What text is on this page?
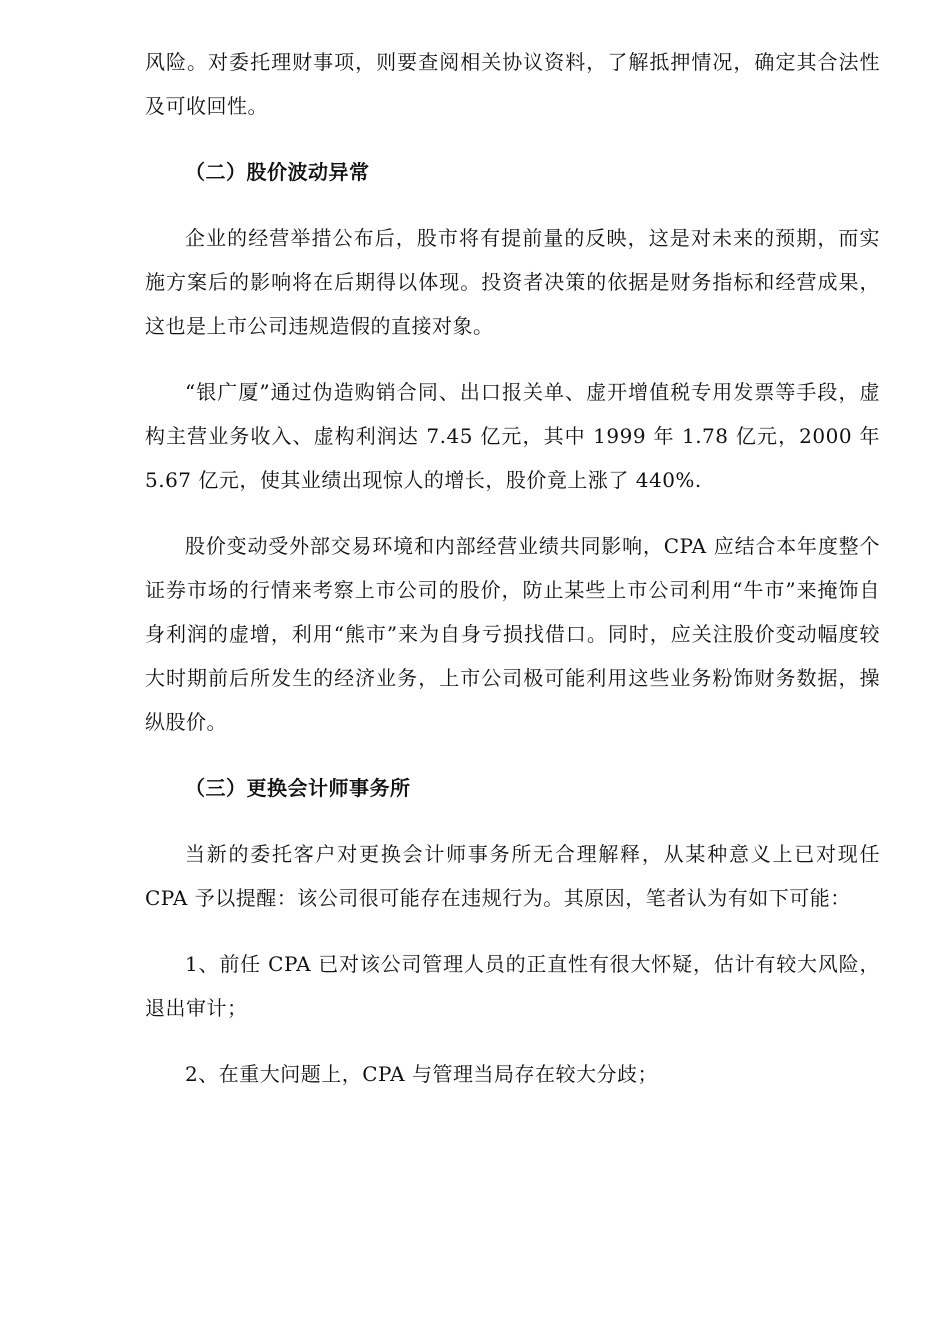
风险。对委托理财事项，则要查阅相关协议资料，了解抵押情况，确定其合法性及可收回性。

（二）股价波动异常

企业的经营举措公布后，股市将有提前量的反映，这是对未来的预期，而实施方案后的影响将在后期得以体现。投资者决策的依据是财务指标和经营成果，这也是上市公司违规造假的直接对象。

“银广厦”通过伪造购销合同、出口报关单、虚开增值税专用发票等手段，虚构主营业务收入、虚构利润达 7.45 亿元，其中 1999 年 1.78 亿元，2000 年 5.67 亿元，使其业绩出现惊人的增长，股价竟上涨了 440%.

股价变动受外部交易环境和内部经营业绩共同影响，CPA 应结合本年度整个证券市场的行情来考察上市公司的股价，防止某些上市公司利用“牛市”来掩饰自身利润的虚增，利用“熊市”来为自身亏损找借口。同时，应关注股价变动幅度较大时期前后所发生的经济业务，上市公司极可能利用这些业务粉饰财务数据，操纵股价。

（三）更换会计师事务所

当新的委托客户对更换会计师事务所无合理解释，从某种意义上已对现任 CPA 予以提醒：该公司很可能存在违规行为。其原因，笔者认为有如下可能：

1、前任 CPA 已对该公司管理人员的正直性有很大怀疑，估计有较大风险，退出审计；

2、在重大问题上，CPA 与管理当局存在较大分歧；
